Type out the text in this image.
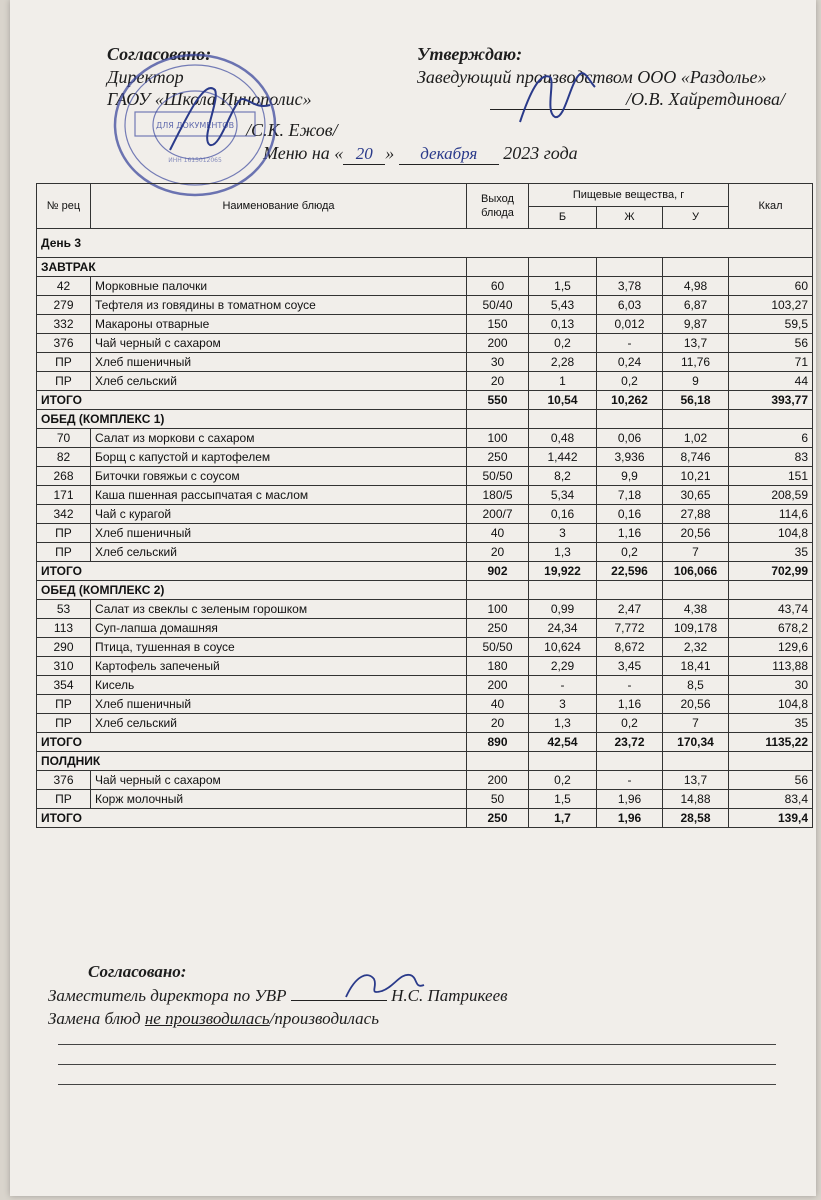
Согласовано:
Директор
ГАОУ «Школа Иннополис»
/С.К. Ежов/
Утверждаю:
Заведующий производством ООО «Раздолье»
/О.В. Хайретдинова/
Меню на « 20 » декабря 2023 года
ДЛЯ ДОКУМЕНТОВ
ИНН 1615012065
№ рец	Наименование блюда	Выход блюда	Пищевые вещества, г			Ккал
			Б	Ж	У	
День 3						
ЗАВТРАК						
42	Морковные палочки	60	1,5	3,78	4,98	60
279	Тефтеля из говядины в томатном соусе	50/40	5,43	6,03	6,87	103,27
332	Макароны отварные	150	0,13	0,012	9,87	59,5
376	Чай черный с сахаром	200	0,2	-	13,7	56
ПР	Хлеб пшеничный	30	2,28	0,24	11,76	71
ПР	Хлеб сельский	20	1	0,2	9	44
ИТОГО		550	10,54	10,262	56,18	393,77
ОБЕД (КОМПЛЕКС 1)						
70	Салат из моркови с сахаром	100	0,48	0,06	1,02	6
82	Борщ с капустой и картофелем	250	1,442	3,936	8,746	83
268	Биточки говяжьи с соусом	50/50	8,2	9,9	10,21	151
171	Каша пшенная рассыпчатая с маслом	180/5	5,34	7,18	30,65	208,59
342	Чай с курагой	200/7	0,16	0,16	27,88	114,6
ПР	Хлеб пшеничный	40	3	1,16	20,56	104,8
ПР	Хлеб сельский	20	1,3	0,2	7	35
ИТОГО		902	19,922	22,596	106,066	702,99
ОБЕД (КОМПЛЕКС 2)						
53	Салат из свеклы с зеленым горошком	100	0,99	2,47	4,38	43,74
113	Суп-лапша домашняя	250	24,34	7,772	109,178	678,2
290	Птица, тушенная в соусе	50/50	10,624	8,672	2,32	129,6
310	Картофель запеченый	180	2,29	3,45	18,41	113,88
354	Кисель	200	-	-	8,5	30
ПР	Хлеб пшеничный	40	3	1,16	20,56	104,8
ПР	Хлеб сельский	20	1,3	0,2	7	35
ИТОГО		890	42,54	23,72	170,34	1135,22
ПОЛДНИК						
376	Чай черный с сахаром	200	0,2	-	13,7	56
ПР	Корж молочный	50	1,5	1,96	14,88	83,4
ИТОГО		250	1,7	1,96	28,58	139,4
Согласовано:
Заместитель директора по УВР	Н.С. Патрикеев
Замена блюд не производилась/производилась
